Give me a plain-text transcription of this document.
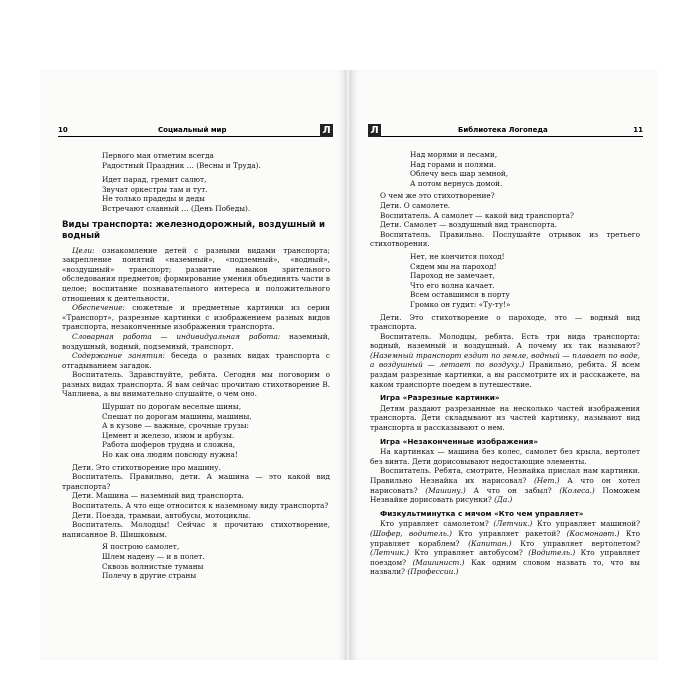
10	Социальный мир	Л
Первого мая отметим всегда
Радостный Праздник … (Весны и Труда).
Идет парад, гремит салют,
Звучат оркестры там и тут.
Не только прадеды и деды
Встречают славный … (День Победы).
Виды транспорта: железнодорожный, воздушный и водный

Цели: ознакомление детей с разными видами транспорта; закрепление понятий «наземный», «подземный», «водный», «воздушный» транспорт; развитие навыков зрительного обследования предметов; формирование умения объединять части в целое; воспитание познавательного интереса и положительного отношения к деятельности.

Обеспечение: сюжетные и предметные картинки из серии «Транспорт», разрезные картинки с изображением разных видов транспорта, незаконченные изображения транспорта.

Словарная работа — индивидуальная работа: наземный, воздушный, водный, подземный, транспорт.

Содержание занятия: беседа о разных видах транспорта с отгадыванием загадок.

Воспитатель. Здравствуйте, ребята. Сегодня мы поговорим о разных видах транспорта. Я вам сейчас прочитаю стихотворение В. Чаплиева, а вы внимательно слушайте, о чем оно.

Шуршат по дорогам веселые шины,
Спешат по дорогам машины, машины,
А в кузове — важные, срочные грузы:
Цемент и железо, изюм и арбузы.
Работа шоферов трудна и сложна,
Но как она людям повсюду нужна!

Дети. Это стихотворение про машину.

Воспитатель. Правильно, дети. А машина — это какой вид транспорта?

Дети. Машина — наземный вид транспорта.

Воспитатель. А что еще относится к наземному виду транспорта?

Дети. Поезда, трамваи, автобусы, мотоциклы.

Воспитатель. Молодцы! Сейчас я прочитаю стихотворение, написанное В. Шишковым.

Я построю самолет,
Шлем надену — и в полет.
Сквозь волнистые туманы
Полечу в другие страны
Л	Библиотека Логопеда	11
Над морями и лесами,
Над горами и полями.
Облечу весь шар земной,
А потом вернусь домой.

О чем же это стихотворение?

Дети. О самолете.

Воспитатель. А самолет — какой вид транспорта?

Дети. Самолет — воздушный вид транспорта.

Воспитатель. Правильно. Послушайте отрывок из третьего стихотворения.

Нет, не кончится поход!
Сядем мы на пароход!
Пароход не замечает,
Что его волна качает.
Всем оставшимся в порту
Громко он гудит: «Ту-ту!»

Дети. Это стихотворение о пароходе, это — водный вид транспорта.

Воспитатель. Молодцы, ребята. Есть три вида транспорта: водный, наземный и воздушный. А почему их так называют? (Наземный транспорт ездит по земле, водный — плавает по воде, а воздушный — летает по воздуху.) Правильно, ребята. Я всем раздам разрезные картинки, а вы рассмотрите их и расскажете, на каком транспорте поедем в путешествие.

Игра «Разрезные картинки»

Детям раздают разрезанные на несколько частей изображения транспорта. Дети складывают из частей картинку, называют вид транспорта и рассказывают о нем.

Игра «Незаконченные изображения»

На картинках — машина без колес, самолет без крыла, вертолет без винта. Дети дорисовывают недостающие элементы.

Воспитатель. Ребята, смотрите, Незнайка прислал нам картинки. Правильно Незнайка их нарисовал? (Нет.) А что он хотел нарисовать? (Машину.) А что он забыл? (Колеса.) Поможем Незнайке дорисовать рисунки? (Да.)

Физкультминутка с мячом «Кто чем управляет»

Кто управляет самолетом? (Летчик.) Кто управляет машиной? (Шофер, водитель.) Кто управляет ракетой? (Космонавт.) Кто управляет кораблем? (Капитан.) Кто управляет вертолетом? (Летчик.) Кто управляет автобусом? (Водитель.) Кто управляет поездом? (Машинист.) Как одним словом назвать то, что вы назвали? (Профессии.)
